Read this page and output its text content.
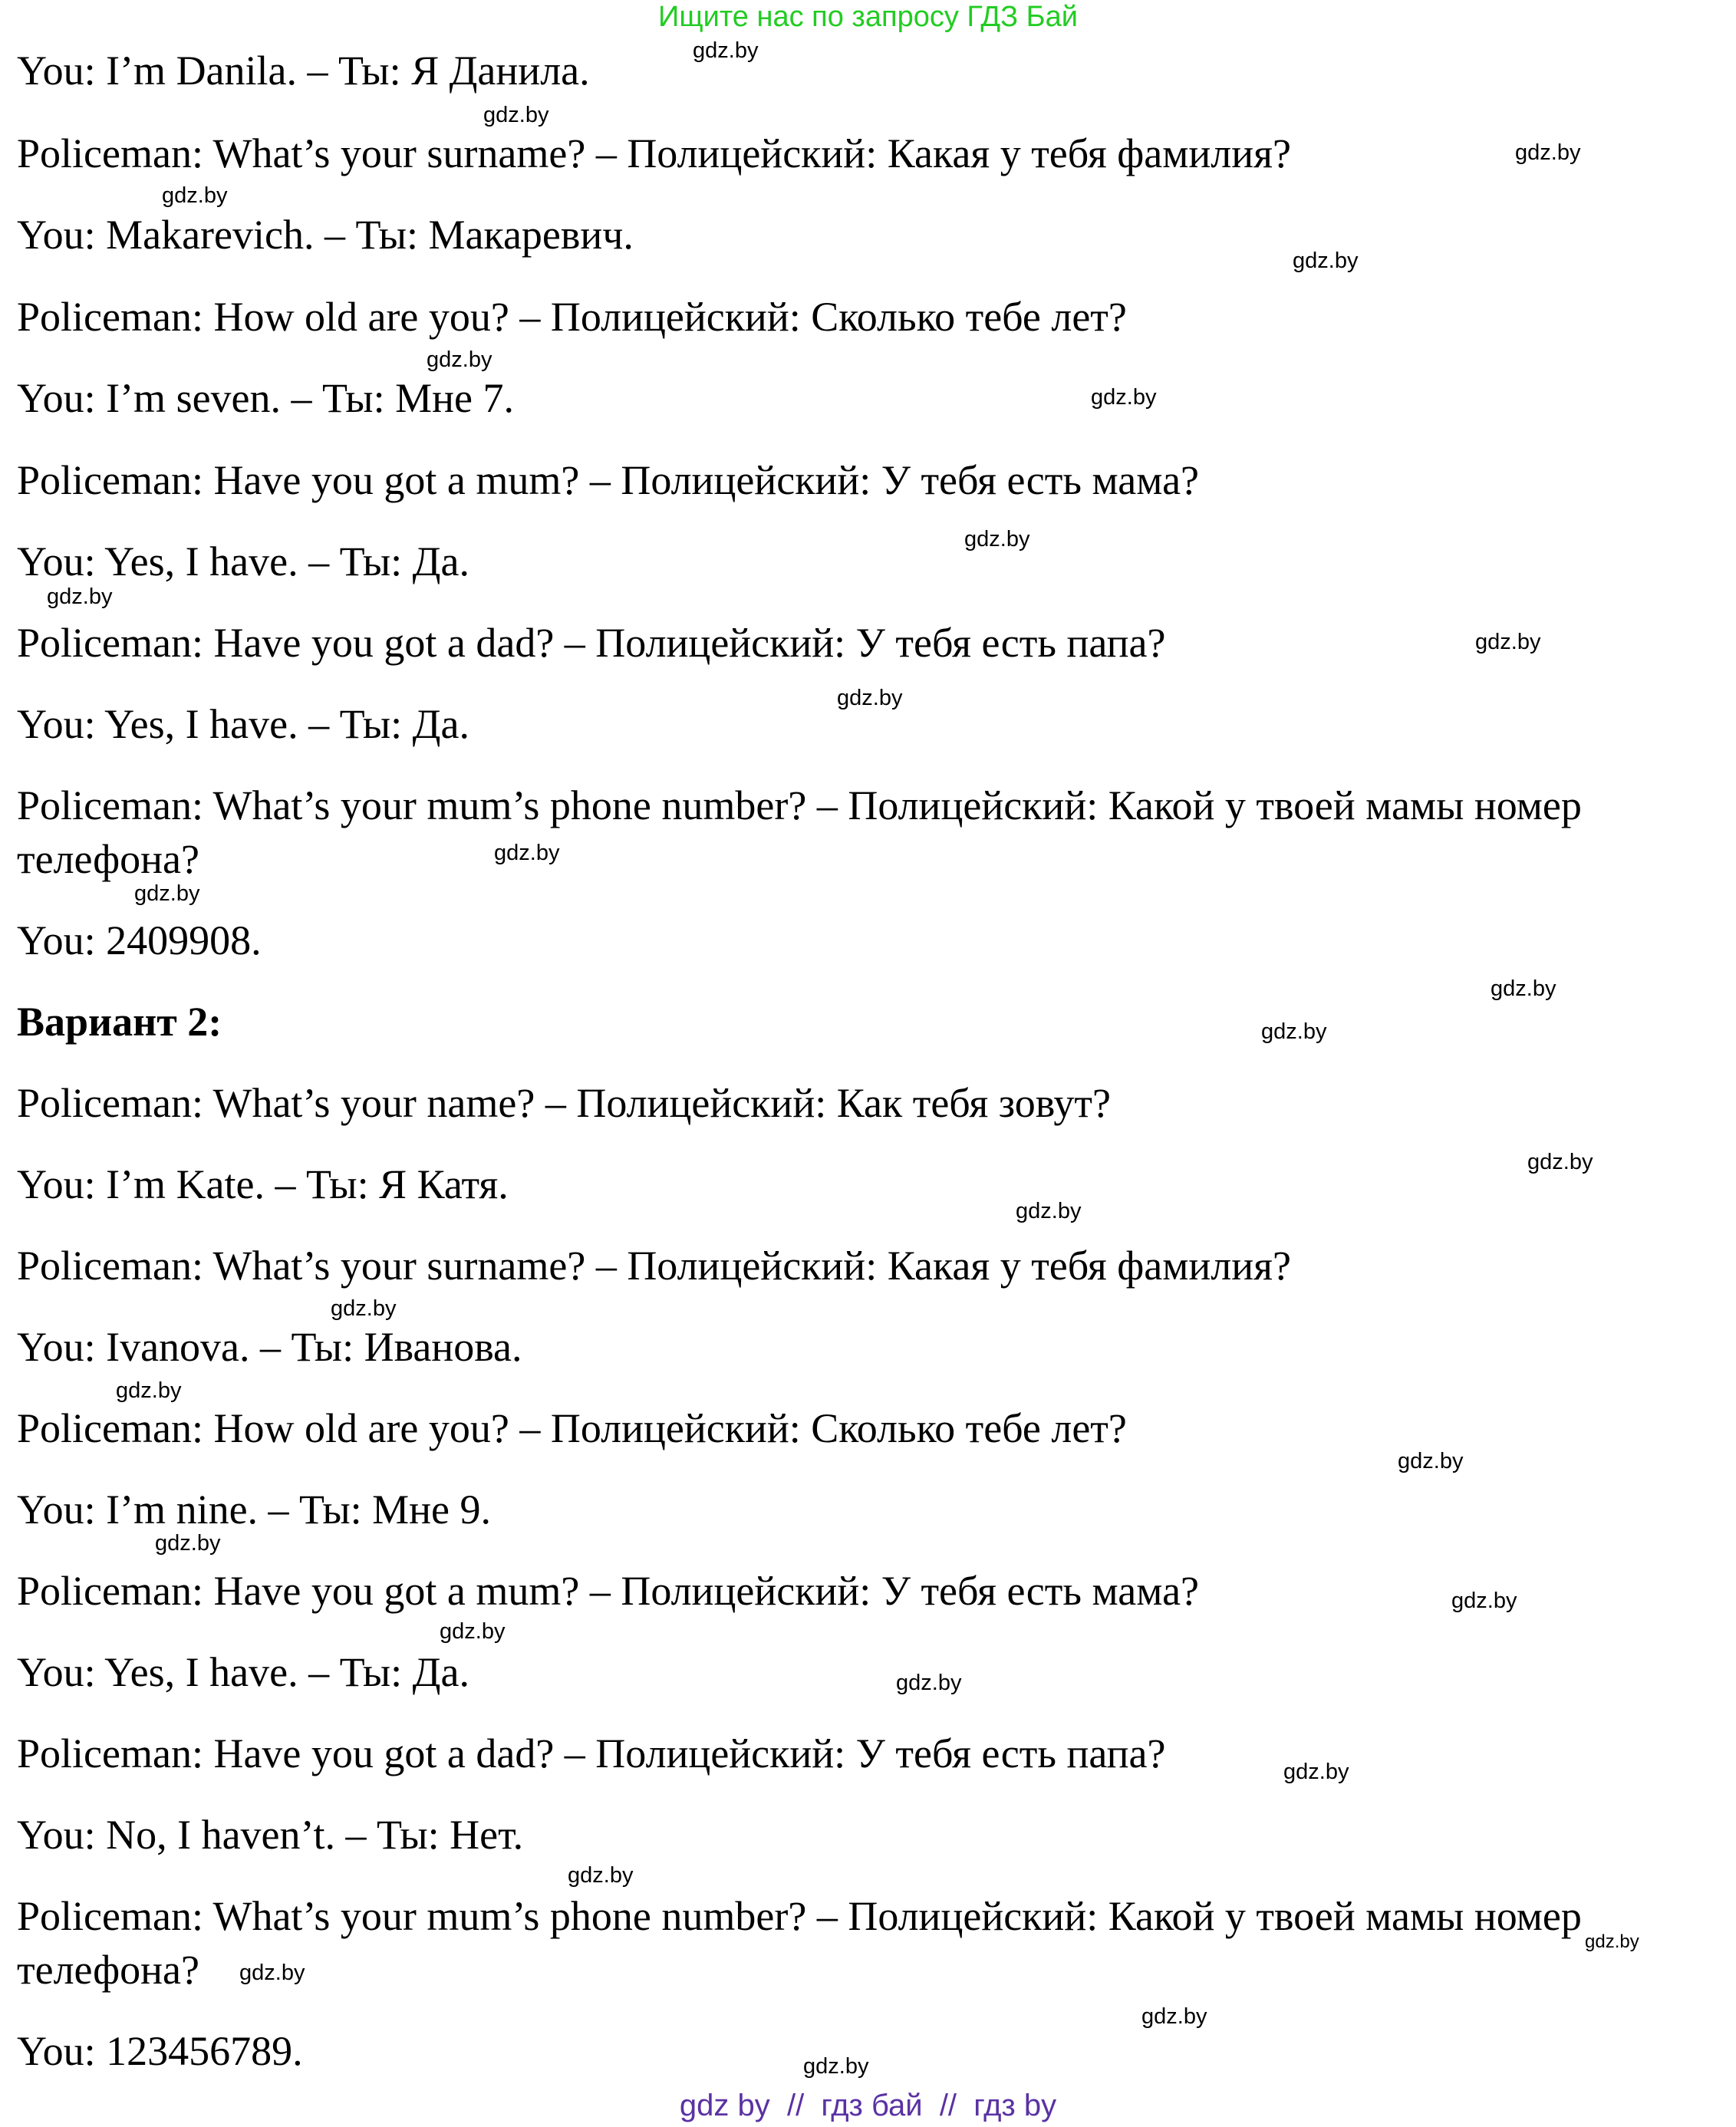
Ищите нас по запросу ГДЗ Бай
You: I’m Danila. – Ты: Я Данила.
Policeman: What’s your surname? – Полицейский: Какая у тебя фамилия?
You: Makarevich. – Ты: Макаревич.
Policeman: How old are you? – Полицейский: Сколько тебе лет?
You: I’m seven. – Ты: Мне 7.
Policeman: Have you got a mum? – Полицейский: У тебя есть мама?
You: Yes, I have. – Ты: Да.
Policeman: Have you got a dad? – Полицейский: У тебя есть папа?
You: Yes, I have. – Ты: Да.
Policeman: What’s your mum’s phone number? – Полицейский: Какой у твоей мамы номер
телефона?
You: 2409908.
Вариант 2:
Policeman: What’s your name? – Полицейский: Как тебя зовут?
You: I’m Kate. – Ты: Я Катя.
Policeman: What’s your surname? – Полицейский: Какая у тебя фамилия?
You: Ivanova. – Ты: Иванова.
Policeman: How old are you? – Полицейский: Сколько тебе лет?
You: I’m nine. – Ты: Мне 9.
Policeman: Have you got a mum? – Полицейский: У тебя есть мама?
You: Yes, I have. – Ты: Да.
Policeman: Have you got a dad? – Полицейский: У тебя есть папа?
You: No, I haven’t. – Ты: Нет.
Policeman: What’s your mum’s phone number? – Полицейский: Какой у твоей мамы номер
телефона?
You: 123456789.
gdz.by
gdz.by
gdz.by
gdz.by
gdz.by
gdz.by
gdz.by
gdz.by
gdz.by
gdz.by
gdz.by
gdz.by
gdz.by
gdz.by
gdz.by
gdz.by
gdz.by
gdz.by
gdz.by
gdz.by
gdz.by
gdz.by
gdz.by
gdz.by
gdz.by
gdz.by
gdz.by
gdz.by
gdz.by
gdz.by
gdz by  //  гдз бай  //  гдз by
